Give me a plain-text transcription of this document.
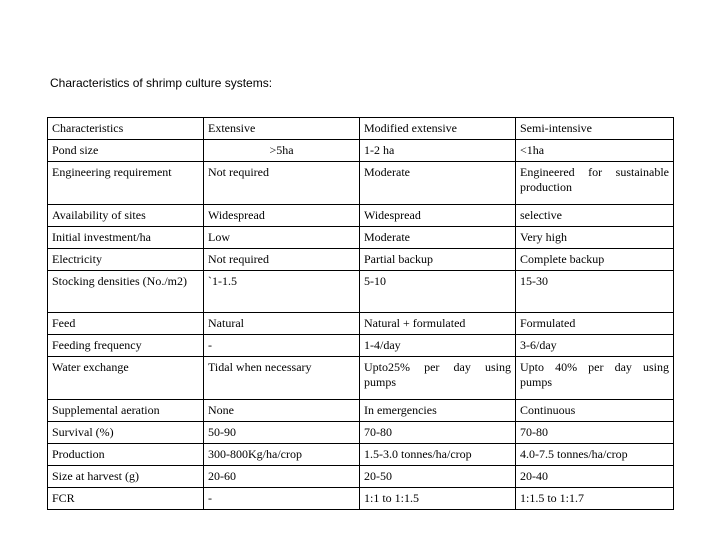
Characteristics of shrimp culture systems:
Characteristics	Extensive	Modified extensive	Semi-intensive
Pond size	>5ha	1-2 ha	<1ha
Engineering requirement	Not required	Moderate	Engineered for sustainable production
Availability of sites	Widespread	Widespread	selective
Initial investment/ha	Low	Moderate	Very high
Electricity	Not required	Partial backup	Complete backup
Stocking densities (No./m2)	`1-1.5	5-10	15-30
Feed	Natural	Natural + formulated	Formulated
Feeding frequency	-	1-4/day	3-6/day
Water exchange	Tidal when necessary	Upto25% per day using pumps	Upto 40% per day using pumps
Supplemental aeration	None	In emergencies	Continuous
Survival (%)	50-90	70-80	70-80
Production	300-800Kg/ha/crop	1.5-3.0 tonnes/ha/crop	4.0-7.5 tonnes/ha/crop
Size at harvest (g)	20-60	20-50	20-40
FCR	-	1:1 to 1:1.5	1:1.5 to 1:1.7
